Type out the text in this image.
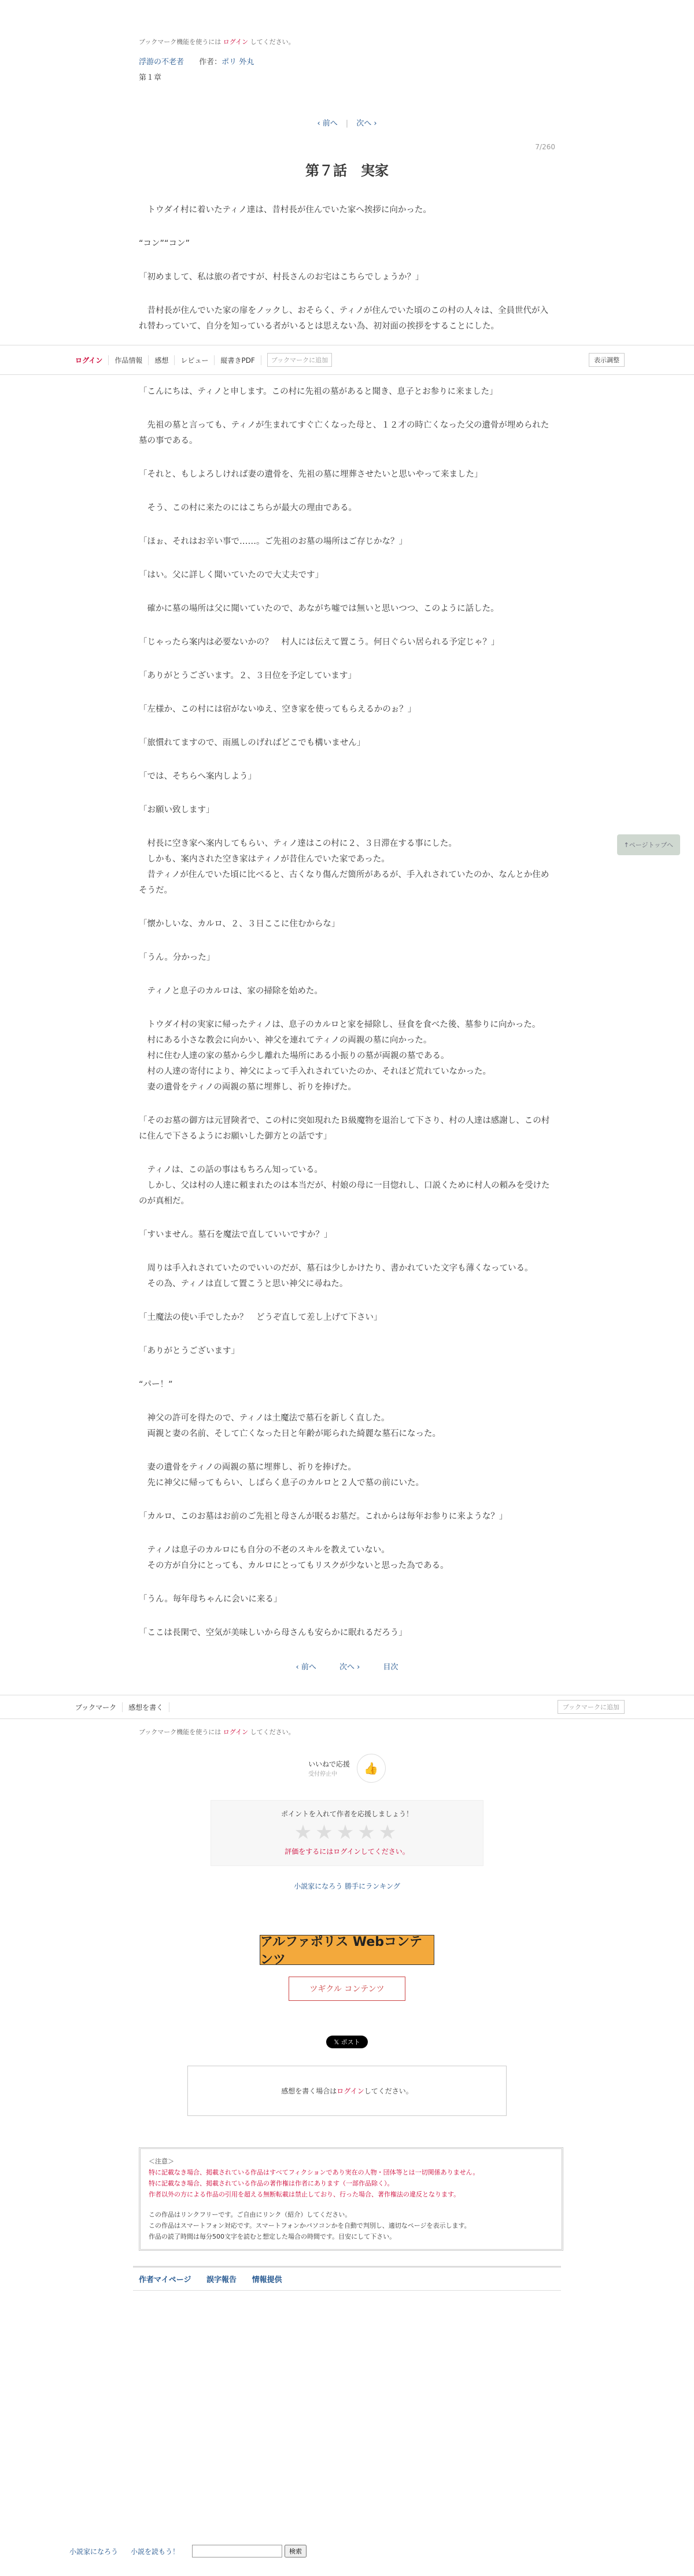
ブックマーク機能を使うには ログイン してください。
浮游の不老者 作者：ポリ 外丸
第１章
‹ 前へ | 次へ ›
7/260
第７話　実家

　トウダイ村に着いたティノ達は、昔村長が住んでいた家へ挨拶に向かった。

“コン”“コン”

「初めまして、私は旅の者ですが、村長さんのお宅はこちらでしょうか？」

　昔村長が住んでいた家の扉をノックし、おそらく、ティノが住んでいた頃のこの村の人々は、全員世代が入れ替わっていて、自分を知っている者がいるとは思えない為、初対面の挨拶をすることにした。

「こんにちは、ティノと申します。この村に先祖の墓があると聞き、息子とお参りに来ました」

　先祖の墓と言っても、ティノが生まれてすぐ亡くなった母と、１２才の時亡くなった父の遺骨が埋められた墓の事である。

「それと、もしよろしければ妻の遺骨を、先祖の墓に埋葬させたいと思いやって来ました」

　そう、この村に来たのにはこちらが最大の理由である。

「ほぉ、それはお辛い事で……。ご先祖のお墓の場所はご存じかな？」

「はい。父に詳しく聞いていたので大丈夫です」

　確かに墓の場所は父に聞いていたので、あながち嘘では無いと思いつつ、このように話した。

「じゃったら案内は必要ないかの？　村人には伝えて置こう。何日ぐらい居られる予定じゃ？」

「ありがとうございます。２、３日位を予定しています」

「左様か、この村には宿がないゆえ、空き家を使ってもらえるかのぉ？」

「旅慣れてますので、雨風しのげればどこでも構いません」

「では、そちらへ案内しよう」

「お願い致します」

　村長に空き家へ案内してもらい、ティノ達はこの村に２、３日滞在する事にした。
　しかも、案内された空き家はティノが昔住んでいた家であった。
　昔ティノが住んでいた頃に比べると、古くなり傷んだ箇所があるが、手入れされていたのか、なんとか住めそうだ。

「懐かしいな、カルロ、２、３日ここに住むからな」

「うん。分かった」

　ティノと息子のカルロは、家の掃除を始めた。

　トウダイ村の実家に帰ったティノは、息子のカルロと家を掃除し、昼食を食べた後、墓参りに向かった。
　村にある小さな教会に向かい、神父を連れてティノの両親の墓に向かった。
　村に住む人達の家の墓から少し離れた場所にある小振りの墓が両親の墓である。
　村の人達の寄付により、神父によって手入れされていたのか、それほど荒れていなかった。
　妻の遺骨をティノの両親の墓に埋葬し、祈りを捧げた。

「そのお墓の御方は元冒険者で、この村に突如現れたＢ級魔物を退治して下さり、村の人達は感謝し、この村に住んで下さるようにお願いした御方との話です」

　ティノは、この話の事はもちろん知っている。
　しかし、父は村の人達に頼まれたのは本当だが、村娘の母に一目惚れし、口説くために村人の頼みを受けたのが真相だ。

「すいません。墓石を魔法で直していいですか？」

　周りは手入れされていたのでいいのだが、墓石は少しかけたり、書かれていた文字も薄くなっている。
　その為、ティノは直して置こうと思い神父に尋ねた。

「土魔法の使い手でしたか？　どうぞ直して差し上げて下さい」

「ありがとうございます」

“パー！”

　神父の許可を得たので、ティノは土魔法で墓石を新しく直した。
　両親と妻の名前、そして亡くなった日と年齢が彫られた綺麗な墓石になった。

　妻の遺骨をティノの両親の墓に埋葬し、祈りを捧げた。
　先に神父に帰ってもらい、しばらく息子のカルロと２人で墓の前にいた。

「カルロ、このお墓はお前のご先祖と母さんが眠るお墓だ。これからは毎年お参りに来ような？」

　ティノは息子のカルロにも自分の不老のスキルを教えていない。
　その方が自分にとっても、カルロにとってもリスクが少ないと思った為である。

「うん。毎年母ちゃんに会いに来る」

「ここは長閑で、空気が美味しいから母さんも安らかに眠れるだろう」

‹ 前へ	次へ ›	目次
ログイン	作品情報	感想	レビュー	縦書きPDF	ブックマークに追加	表示調整
↑ページトップへ
ブックマーク	感想を書く	ブックマークに追加
ブックマーク機能を使うには ログイン してください。
いいねで応援
受付停止中	👍
ポイントを入れて作者を応援しましょう！
★★★★★
評価をするにはログインしてください。
小説家になろう 勝手にランキング
アルファポリス Webコンテンツ
ツギクル コンテンツ
𝕏 ポスト
感想を書く場合はログインしてください。
＜注意＞
特に記載なき場合、掲載されている作品はすべてフィクションであり実在の人物・団体等とは一切関係ありません。
特に記載なき場合、掲載されている作品の著作権は作者にあります（一部作品除く）。
作者以外の方による作品の引用を超える無断転載は禁止しており、行った場合、著作権法の違反となります。
この作品はリンクフリーです。ご自由にリンク（紹介）してください。
この作品はスマートフォン対応です。スマートフォンかパソコンかを自動で判別し、適切なページを表示します。
作品の読了時間は毎分500文字を読むと想定した場合の時間です。目安にして下さい。
作者マイページ 誤字報告 情報提供
小説家になろう 小説を読もう！	検索
